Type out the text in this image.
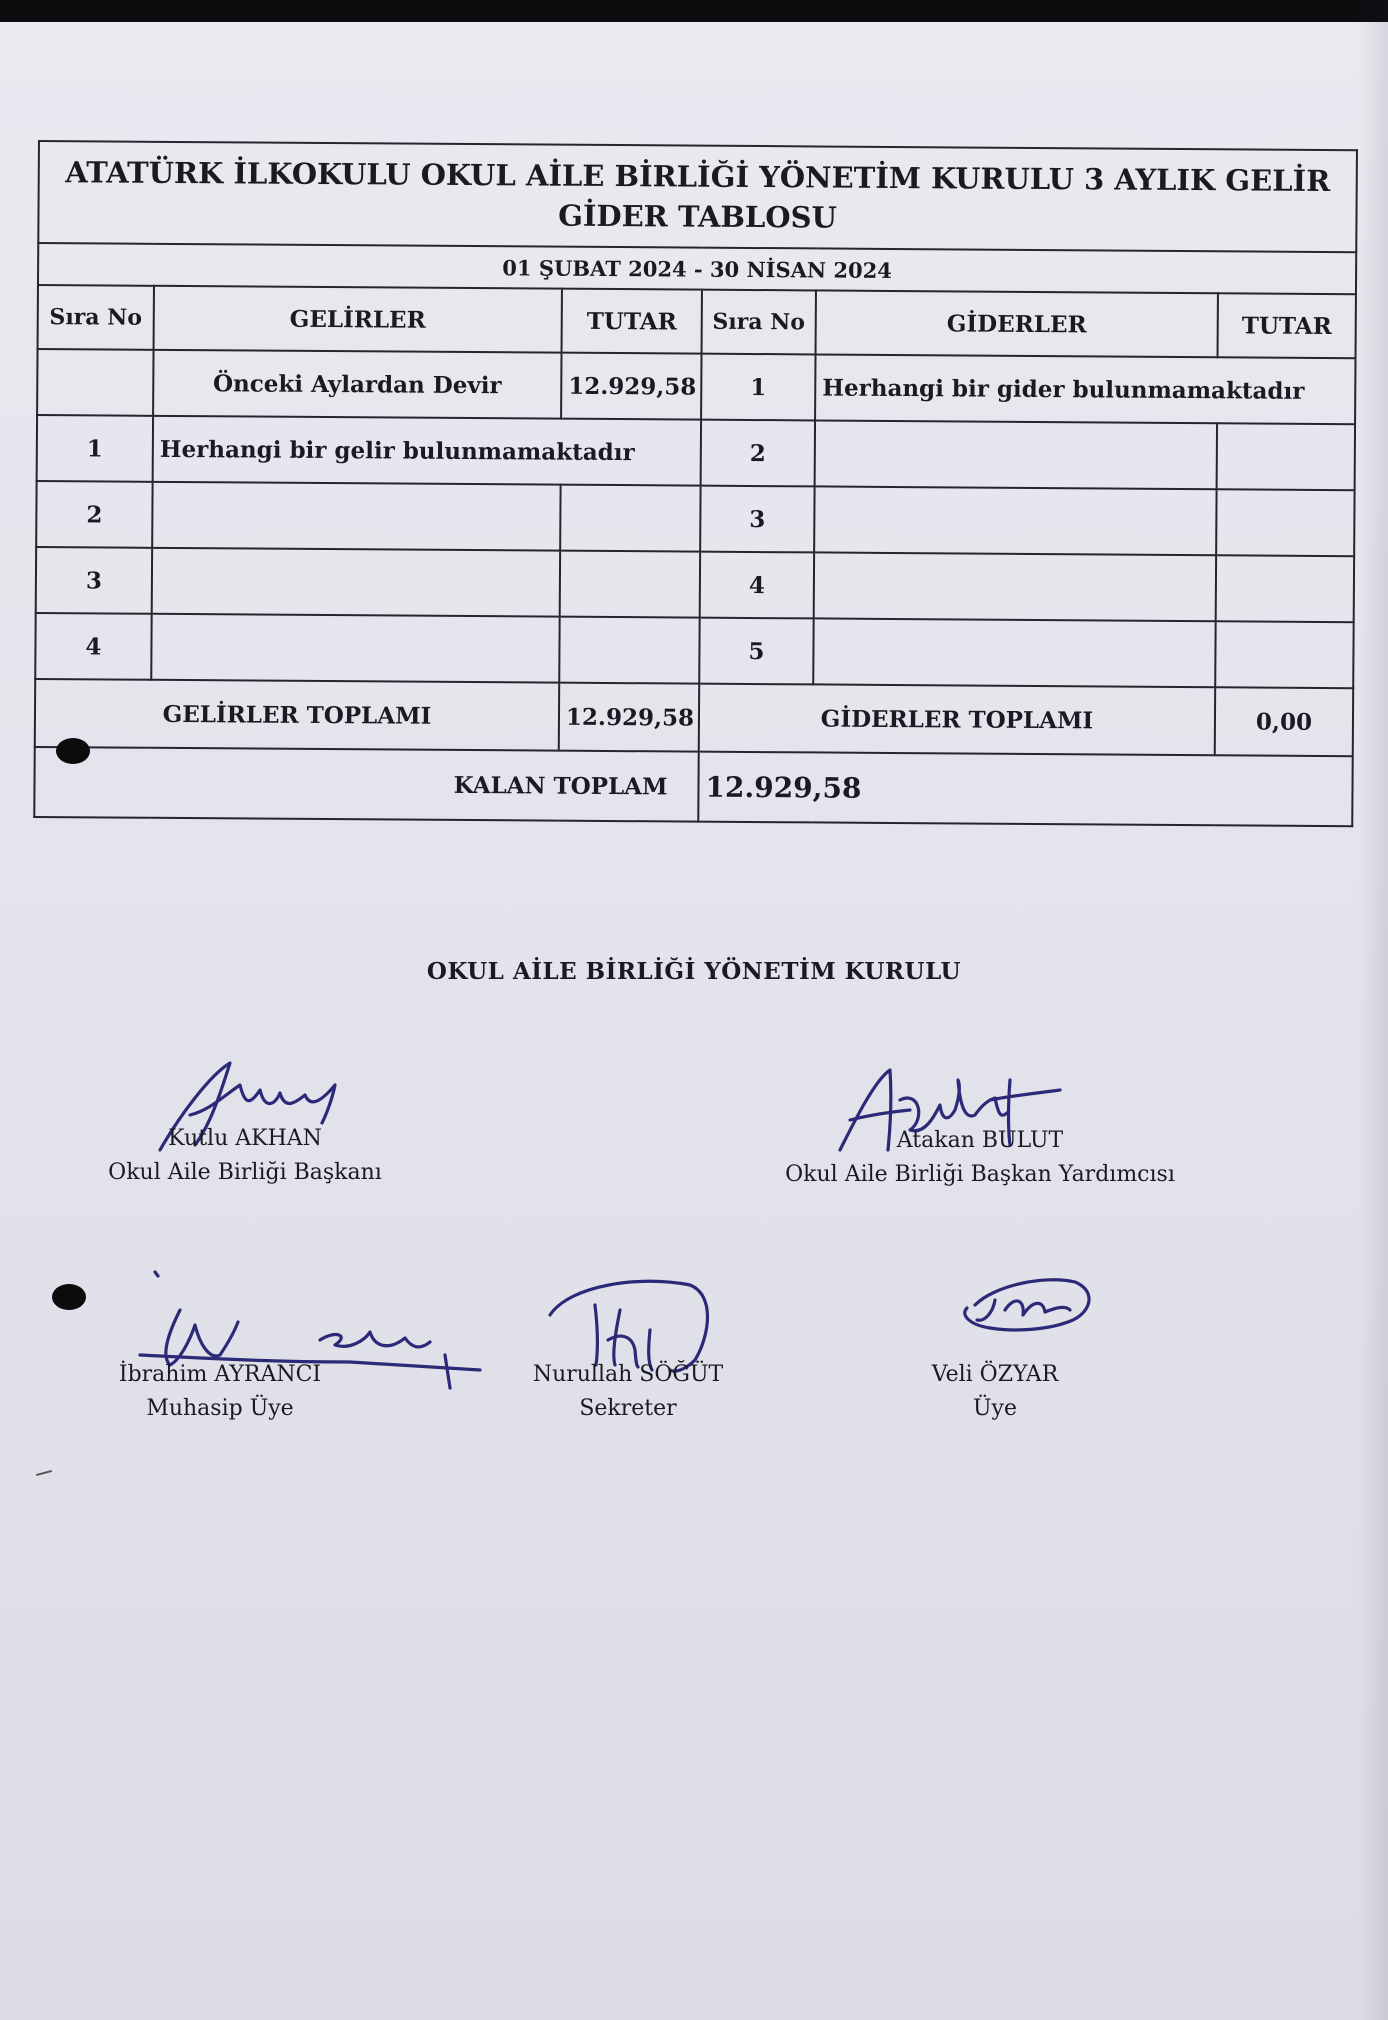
ATATÜRK İLKOKULU OKUL AİLE BİRLİĞİ YÖNETİM KURULU 3 AYLIK GELİR
GİDER TABLOSU					

01 ŞUBAT 2024 - 30 NİSAN 2024					
Sıra No	GELİRLER	TUTAR	Sıra No	GİDERLER	TUTAR
	Önceki Aylardan Devir	12.929,58	1	Herhangi bir gider bulunmamaktadır	
1	Herhangi bir gelir bulunmamaktadır		2		
2			3		
3			4		
4			5		
GELİRLER TOPLAMI		12.929,58	GİDERLER TOPLAMI		0,00
KALAN TOPLAM			12.929,58		
OKUL AİLE BİRLİĞİ YÖNETİM KURULU
Kutlu AKHAN
Okul Aile Birliği Başkanı
Atakan BULUT
Okul Aile Birliği Başkan Yardımcısı
İbrahim AYRANCI
Muhasip Üye
Nurullah SÖĞÜT
Sekreter
Veli ÖZYAR
Üye
